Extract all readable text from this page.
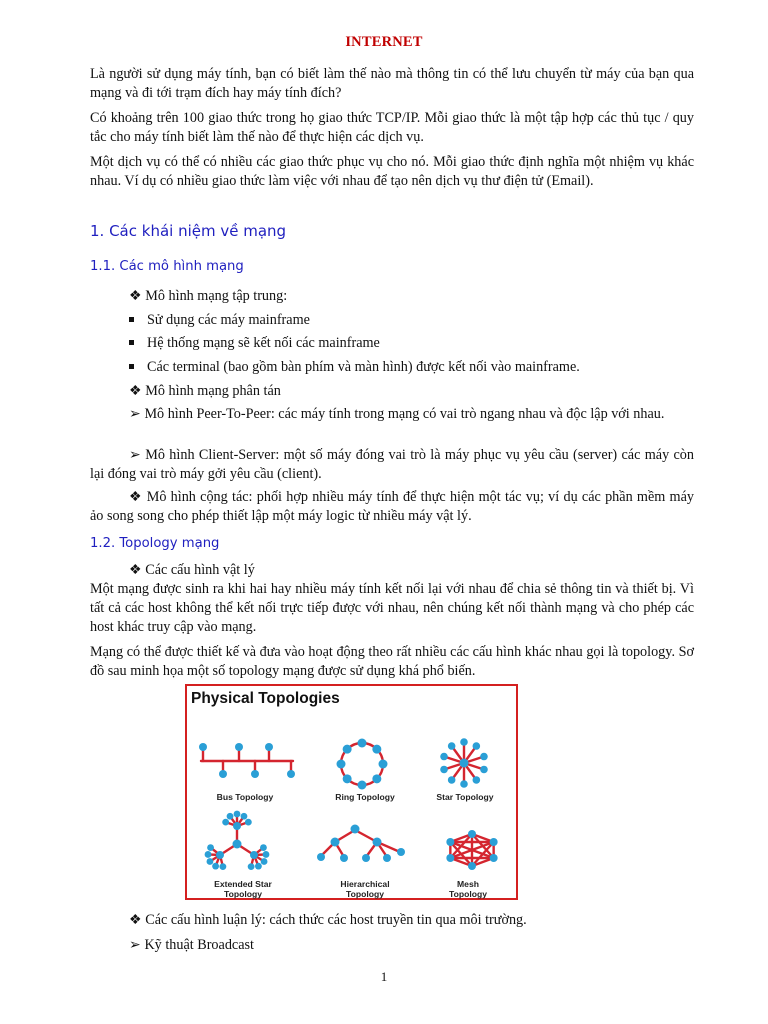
INTERNET
Là người sử dụng máy tính, bạn có biết làm thế nào mà thông tin có thể lưu chuyển từ máy của bạn qua mạng và đi tới trạm đích hay máy tính đích?
Có khoảng trên 100 giao thức trong họ giao thức TCP/IP. Mỗi giao thức là một tập hợp các thủ tục / quy tắc cho máy tính biết làm thế nào để thực hiện các dịch vụ.
Một dịch vụ có thể có nhiều các giao thức phục vụ cho nó. Mỗi giao thức định nghĩa một nhiệm vụ khác nhau. Ví dụ có nhiều giao thức làm việc với nhau để tạo nên dịch vụ thư điện tử (Email).
1. Các khái niệm về mạng
1.1. Các mô hình mạng
❖ Mô hình mạng tập trung:
Sử dụng các máy mainframe
Hệ thống mạng sẽ kết nối các mainframe
Các terminal (bao gồm bàn phím và màn hình) được kết nối vào mainframe.
❖ Mô hình mạng phân tán
➢ Mô hình Peer-To-Peer: các máy tính trong mạng có vai trò ngang nhau và độc lập với nhau.
➢ Mô hình Client-Server: một số máy đóng vai trò là máy phục vụ yêu cầu (server) các máy còn lại đóng vai trò máy gởi yêu cầu (client).
❖ Mô hình cộng tác: phối hợp nhiều máy tính để thực hiện một tác vụ; ví dụ các phần mềm máy ảo song song cho phép thiết lập một máy logic từ nhiều máy vật lý.
1.2. Topology mạng
❖ Các cấu hình vật lý
Một mạng được sinh ra khi hai hay nhiều máy tính kết nối lại với nhau để chia sẻ thông tin và thiết bị. Vì tất cả các host không thể kết nối trực tiếp được với nhau, nên chúng kết nối thành mạng và cho phép các host khác truy cập vào mạng.
Mạng có thể được thiết kế và đưa vào hoạt động theo rất nhiều các cấu hình khác nhau gọi là topology. Sơ đồ sau minh họa một số topology mạng được sử dụng khá phổ biến.
Physical Topologies
Bus Topology	Ring Topology	Star Topology
Extended Star
Topology
Hierarchical
Topology
Mesh
Topology
❖ Các cấu hình luận lý: cách thức các host truyền tin qua môi trường.
➢ Kỹ thuật Broadcast
1
